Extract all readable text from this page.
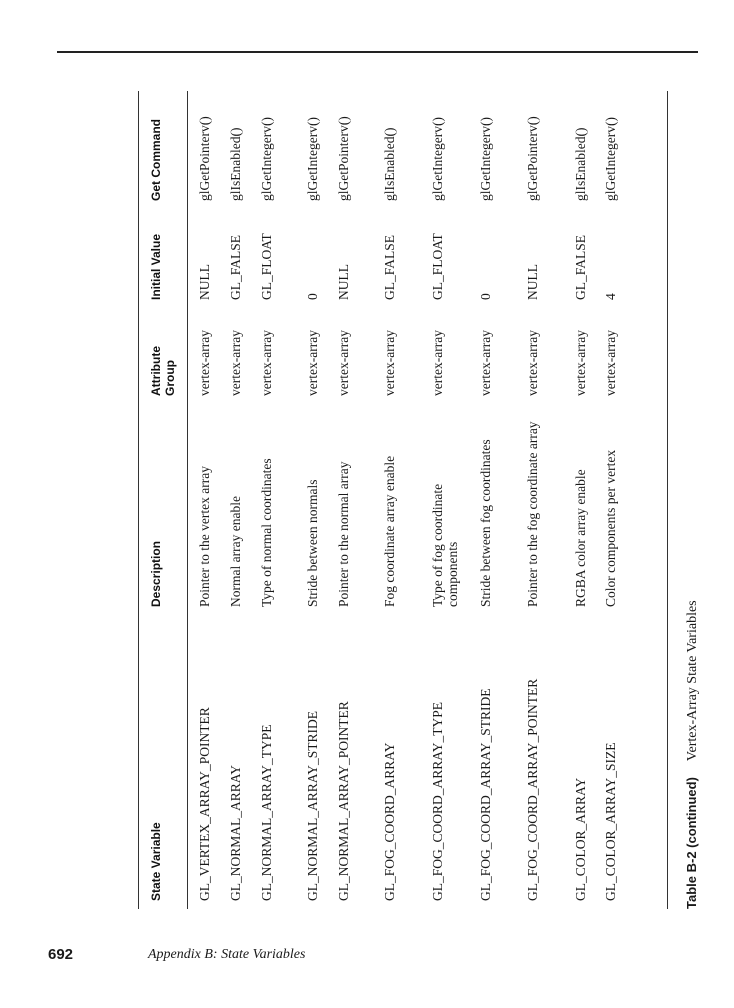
State Variable
Description
Attribute Group
Initial Value
Get Command
GL_VERTEX_ARRAY_POINTER
Pointer to the vertex array
vertex-array
NULL
glGetPointerv()
GL_NORMAL_ARRAY
Normal array enable
vertex-array
GL_FALSE
glIsEnabled()
GL_NORMAL_ARRAY_TYPE
Type of normal coordinates
vertex-array
GL_FLOAT
glGetIntegerv()
GL_NORMAL_ARRAY_STRIDE
Stride between normals
vertex-array
0
glGetIntegerv()
GL_NORMAL_ARRAY_POINTER
Pointer to the normal array
vertex-array
NULL
glGetPointerv()
GL_FOG_COORD_ARRAY
Fog coordinate array enable
vertex-array
GL_FALSE
glIsEnabled()
GL_FOG_COORD_ARRAY_TYPE
Type of fog coordinate components
vertex-array
GL_FLOAT
glGetIntegerv()
GL_FOG_COORD_ARRAY_STRIDE
Stride between fog coordinates
vertex-array
0
glGetIntegerv()
GL_FOG_COORD_ARRAY_POINTER
Pointer to the fog coordinate array
vertex-array
NULL
glGetPointerv()
GL_COLOR_ARRAY
RGBA color array enable
vertex-array
GL_FALSE
glIsEnabled()
GL_COLOR_ARRAY_SIZE
Color components per vertex
vertex-array
4
glGetIntegerv()
Table B-2 (continued)Vertex-Array State Variables
692	Appendix B: State Variables
